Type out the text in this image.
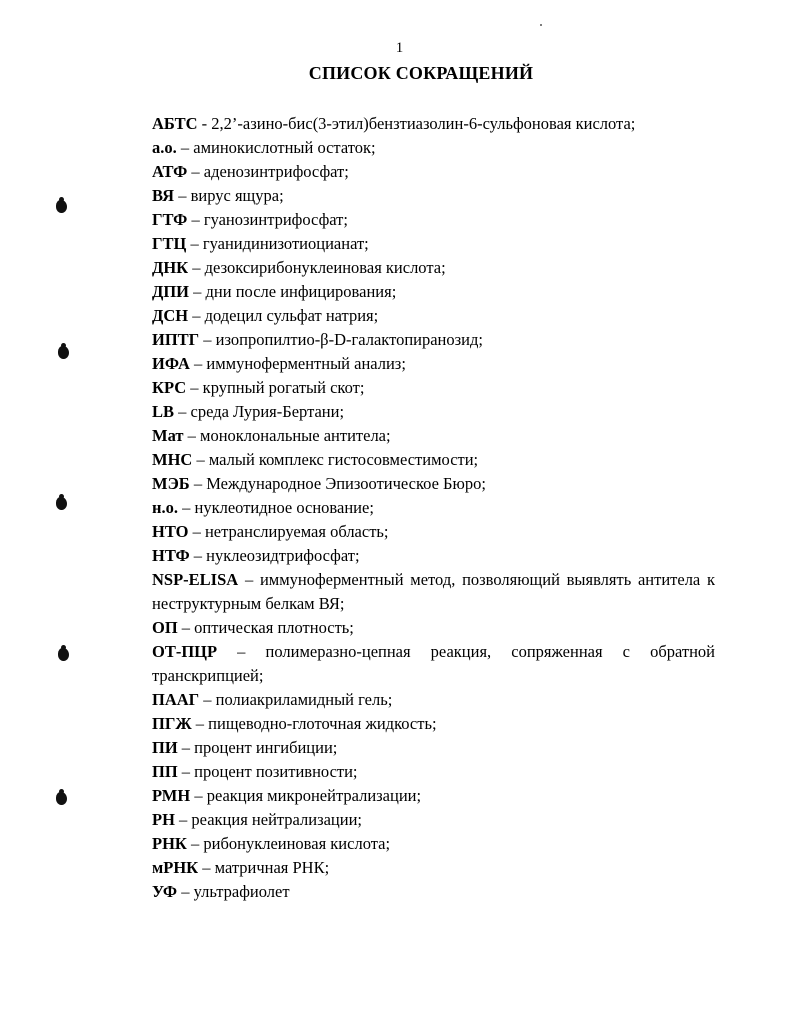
1
СПИСОК СОКРАЩЕНИЙ
АБТС - 2,2’-азино-бис(3-этил)бензтиазолин-6-сульфоновая кислота;
а.о. – аминокислотный остаток;
АТФ – аденозинтрифосфат;
ВЯ – вирус ящура;
ГТФ – гуанозинтрифосфат;
ГТЦ – гуанидинизотиоцианат;
ДНК – дезоксирибонуклеиновая кислота;
ДПИ – дни после инфицирования;
ДСН – додецил сульфат натрия;
ИПТГ – изопропилтио-β-D-галактопиранозид;
ИФА – иммуноферментный анализ;
КРС – крупный рогатый скот;
LB – среда Лурия-Бертани;
Мат – моноклональные антитела;
МНС – малый комплекс гистосовместимости;
МЭБ – Международное Эпизоотическое Бюро;
н.о. – нуклеотидное основание;
НТО – нетранслируемая область;
НТФ – нуклеозидтрифосфат;
NSP-ELISA – иммуноферментный метод, позволяющий выявлять антитела к неструктурным белкам ВЯ;
ОП – оптическая плотность;
ОТ-ПЦР – полимеразно-цепная реакция, сопряженная с обратной транскрипцией;
ПААГ – полиакриламидный гель;
ПГЖ – пищеводно-глоточная жидкость;
ПИ – процент ингибиции;
ПП – процент позитивности;
РМН – реакция микронейтрализации;
РН – реакция нейтрализации;
РНК – рибонуклеиновая кислота;
мРНК – матричная РНК;
УФ – ультрафиолет
